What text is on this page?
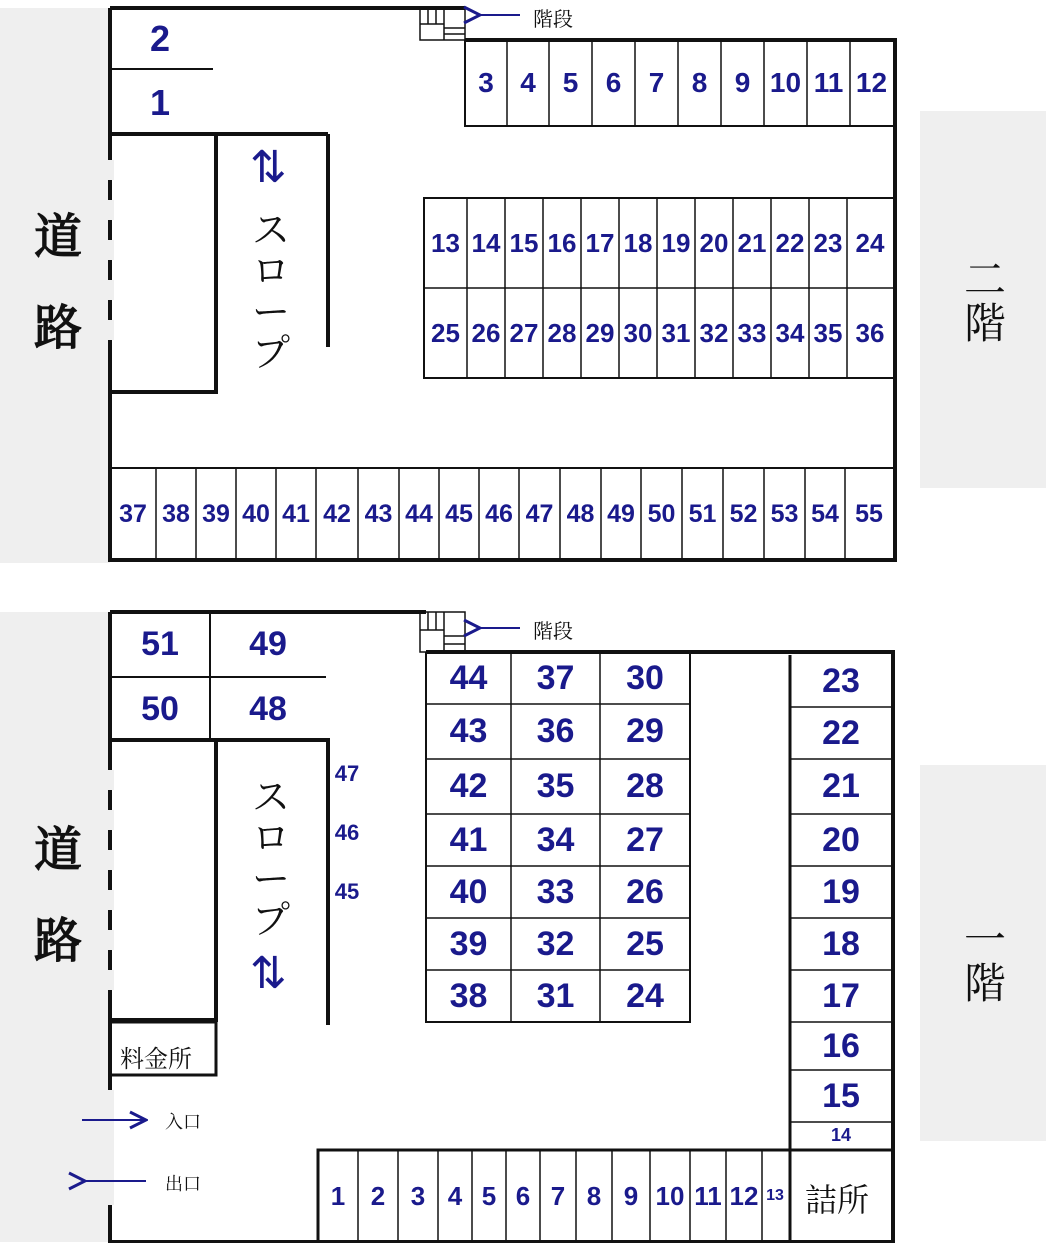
道路
二階
スロープ
⇅
階段
2
1	3 4 5 6 7 8 9 10 11 12
13 14 15 16 17 18 19 20 21 22 23 24
25 26 27 28 29 30 31 32 33 34 35 36
37 38 39 40 41 42 43 44 45 46 47 48 49 50 51 52 53 54 55
道路	一階
スロープ
⇅
階段
料金所
詰所
入口
出口
51
50
49
48
47
46
45
44
43
42
41
40
39
38
37
36
35
34
33
32
31
30
29
28
27
26
25
24
23
22
21
20
19
18
17
16
15
14
1 2 3 4 5 6 7 8 9 10 11 12 13
